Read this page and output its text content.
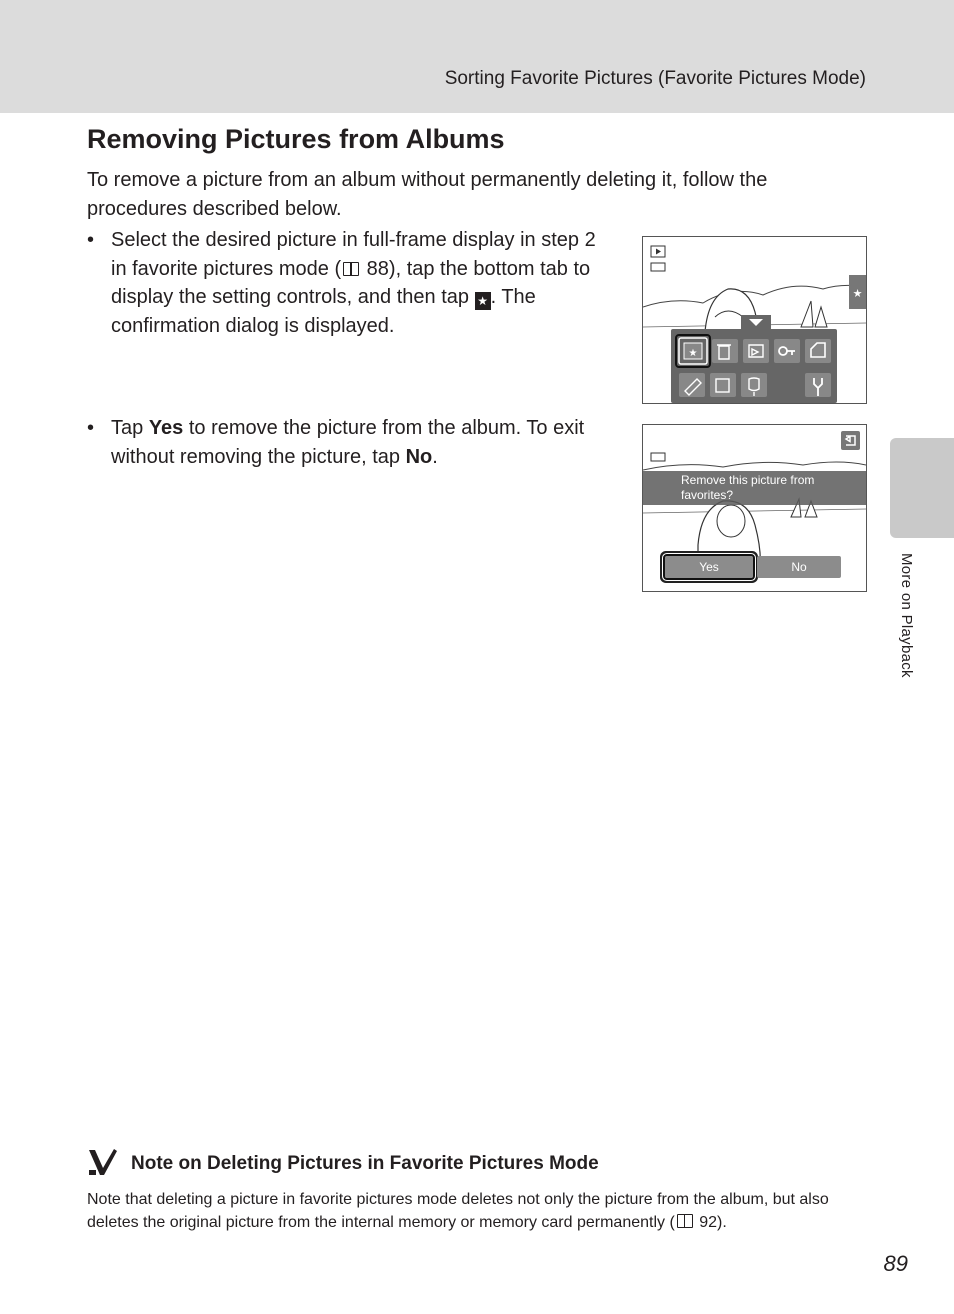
Sorting Favorite Pictures (Favorite Pictures Mode)
More on Playback
Removing Pictures from Albums

To remove a picture from an album without permanently deleting it, follow the procedures described below.

• Select the desired picture in full-frame display in step 2 in favorite pictures mode ( 88), tap the bottom tab to display the setting controls, and then tap ★ . The confirmation dialog is displayed.
★
★
• Tap Yes to remove the picture from the album. To exit without removing the picture, tap No.
Remove this picture from favorites?
Yes	No
Note on Deleting Pictures in Favorite Pictures Mode

Note that deleting a picture in favorite pictures mode deletes not only the picture from the album, but also deletes the original picture from the internal memory or memory card permanently ( 92).

89
